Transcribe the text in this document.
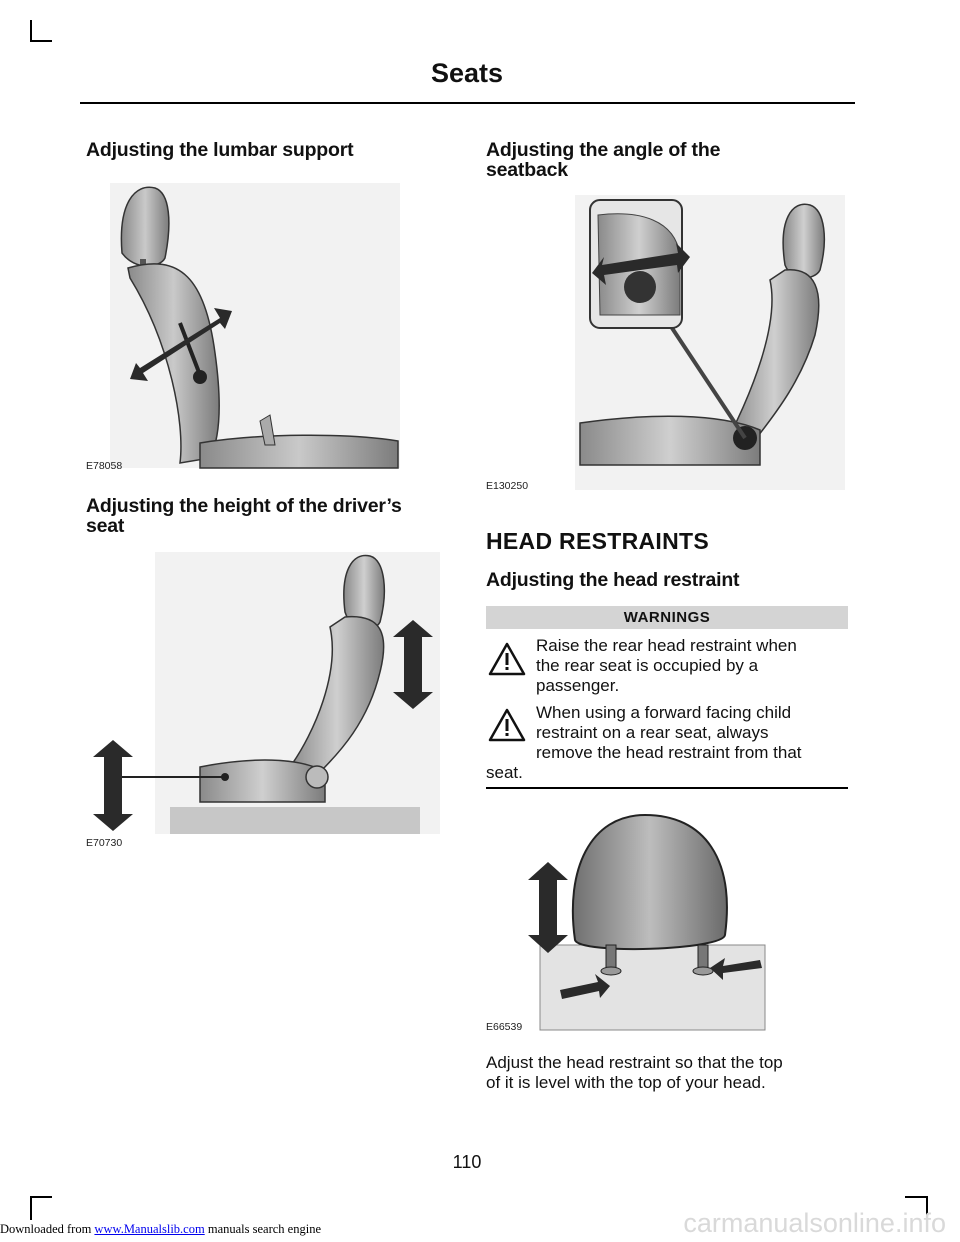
Seats
Adjusting the lumbar support
E78058
Adjusting the height of the driver’s
seat
E70730
Adjusting the angle of the
seatback
E130250
HEAD RESTRAINTS
Adjusting the head restraint
WARNINGS
Raise the rear head restraint when
the rear seat is occupied by a
passenger.
When using a forward facing child
restraint on a rear seat, always
remove the head restraint from that
seat.
E66539
Adjust the head restraint so that the top
of it is level with the top of your head.
110
Downloaded from www.Manualslib.com manuals search engine	carmanualsonline.info
